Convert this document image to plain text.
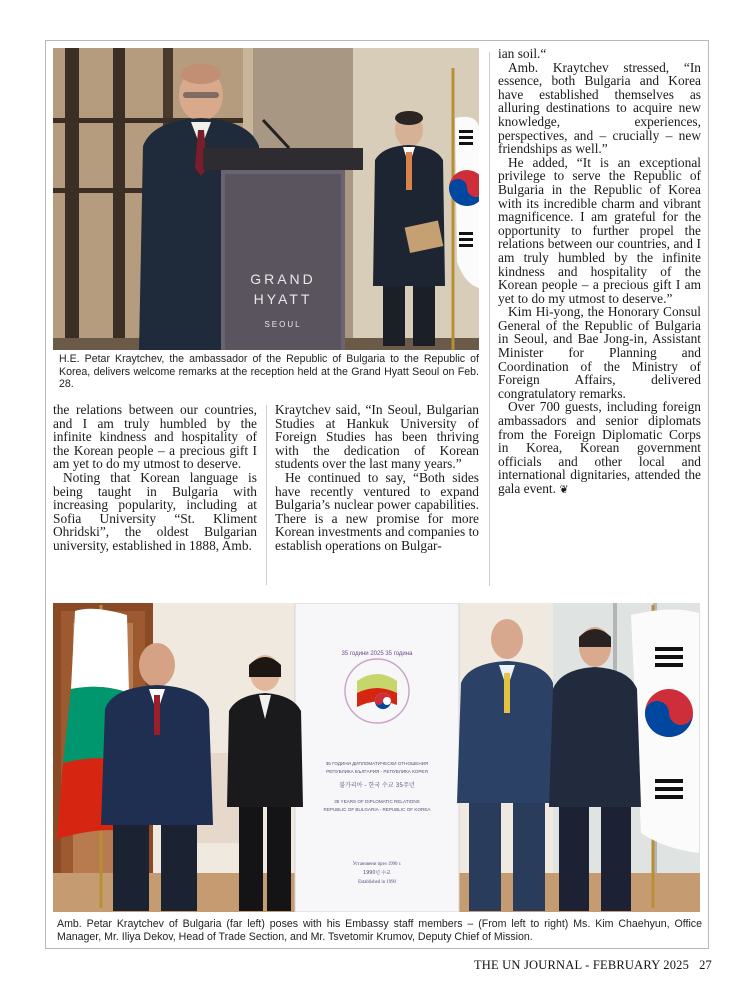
GRAND
HYATT
SEOUL
H.E. Petar Kraytchev, the ambassador of the Republic of Bulgaria to the Republic of Korea, delivers welcome remarks at the reception held at the Grand Hyatt Seoul on Feb. 28.

the relations between our countries, and I am truly humbled by the infinite kindness and hospitality of the Korean people – a precious gift I am yet to do my utmost to deserve.

Noting that Korean language is being taught in Bulgaria with increasing popularity, including at Sofia University “St. Kliment Ohridski”, the oldest Bulgarian university, established in 1888, Amb.

Kraytchev said, “In Seoul, Bulgarian Studies at Hankuk University of Foreign Studies has been thriving with the dedication of Korean students over the last many years.”

He continued to say, “Both sides have recently ventured to expand Bulgaria’s nuclear power capabilities. There is a new promise for more Korean investments and companies to establish operations on Bulgar-

ian soil.“

Amb. Kraytchev stressed, “In essence, both Bulgaria and Korea have established themselves as alluring destinations to acquire new knowledge, experiences, perspectives, and – crucially – new friendships as well.”

He added, “It is an exceptional privilege to serve the Republic of Bulgaria in the Republic of Korea with its incredible charm and vibrant magnificence. I am grateful for the opportunity to further propel the relations between our countries, and I am truly humbled by the infinite kindness and hospitality of the Korean people – a precious gift I am yet to do my utmost to deserve.”

Kim Hi-yong, the Honorary Consul General of the Republic of Bulgaria in Seoul, and Bae Jong-in, Assistant Minister for Planning and Coordination of the Ministry of Foreign Affairs, delivered congratulatory remarks.

Over 700 guests, including foreign ambassadors and senior diplomats from the Foreign Diplomatic Corps in Korea, Korean government officials and other local and international dignitaries, attended the gala event. ❦

35 години 2025 35 година
35 ГОДИНИ ДИПЛОМАТИЧЕСКИ ОТНОШЕНИЯ
РЕПУБЛИКА БЪЛГАРИЯ - РЕПУБЛИКА КОРЕЯ
불가리아 - 한국 수교 35주년
35 YEARS OF DIPLOMATIC RELATIONS
REPUBLIC OF BULGARIA - REPUBLIC OF KOREA
Установени през 1990 г.
1990년 수교
Established in 1990
Amb. Petar Kraytchev of Bulgaria (far left) poses with his Embassy staff members – (From left to right) Ms. Kim Chaehyun, Office Manager, Mr. Iliya Dekov, Head of Trade Section, and Mr. Tsvetomir Krumov, Deputy Chief of Mission.
THE UN JOURNAL - FEBRUARY 2025 27
